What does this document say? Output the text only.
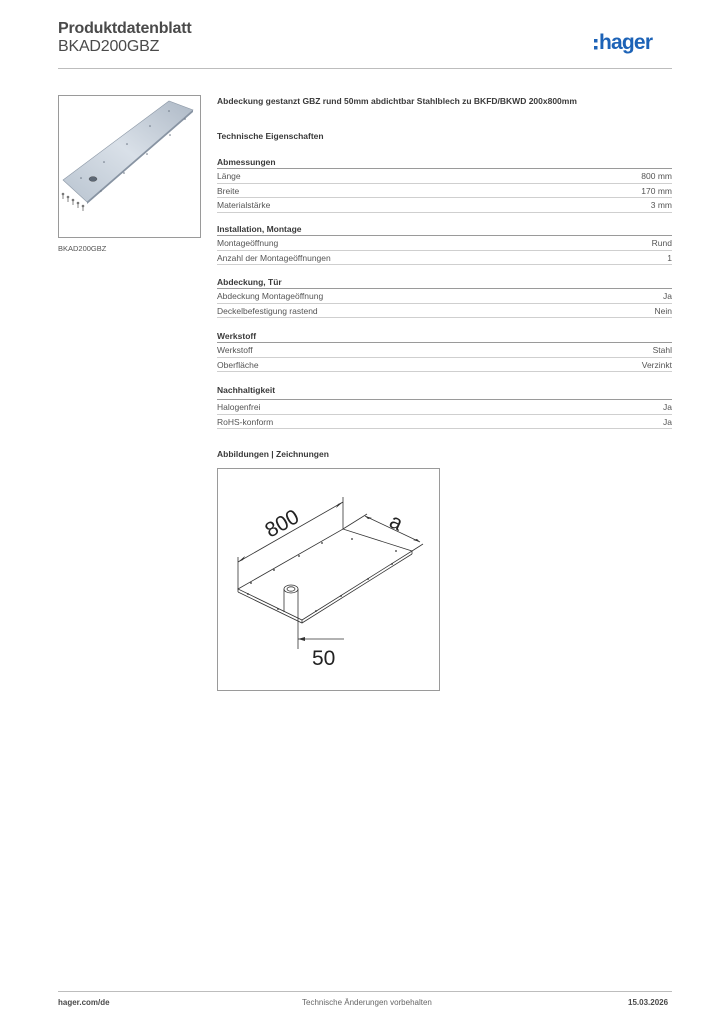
Produktdatenblatt
BKAD200GBZ	hager
BKAD200GBZ
Abdeckung gestanzt GBZ rund 50mm abdichtbar Stahlblech zu BKFD/BKWD 200x800mm
Technische Eigenschaften
Abmessungen
Länge	800 mm
Breite	170 mm
Materialstärke	3 mm
Installation, Montage
Montageöffnung	Rund
Anzahl der Montageöffnungen	1
Abdeckung, Tür
Abdeckung Montageöffnung	Ja
Deckelbefestigung rastend	Nein
Werkstoff
Werkstoff	Stahl
Oberfläche	Verzinkt
Nachhaltigkeit
Halogenfrei	Ja
RoHS-konform	Ja
Abbildungen | Zeichnungen
800	a
50
hager.com/de	Technische Änderungen vorbehalten	15.03.2026
